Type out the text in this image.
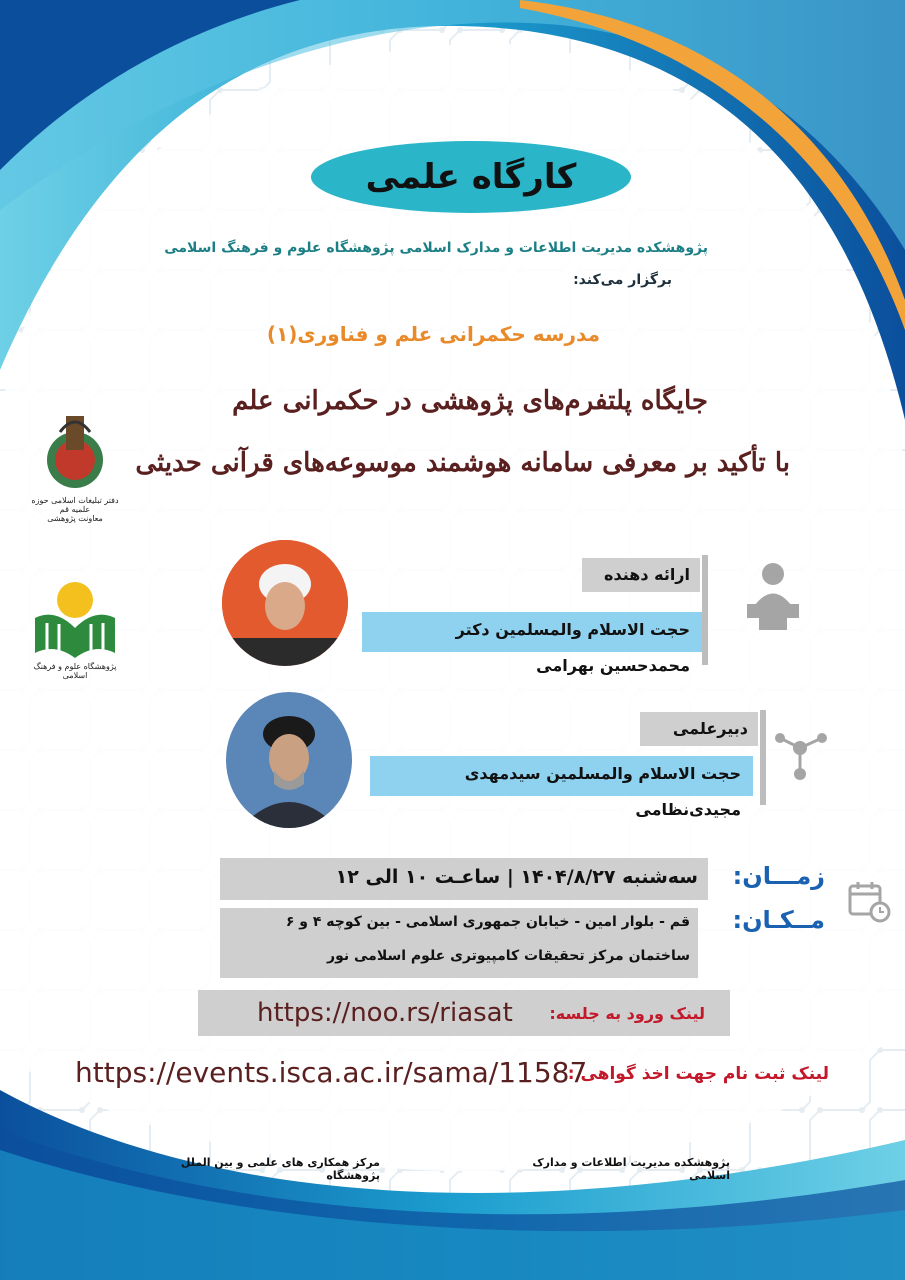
کارگاه علمی
پژوهشکده مدیریت اطلاعات و مدارک اسلامی پژوهشگاه علوم و فرهنگ اسلامی
برگزار می‌کند:
مدرسه حکمرانی علم و فناوری(۱)
جایگاه پلتفرم‌های پژوهشی در حکمرانی علم
با تأکید بر معرفی سامانه هوشمند موسوعه‌های قرآنی حدیثی
دفتر تبلیغات اسلامی حوزه علمیه قم
معاونت پژوهشی
پژوهشگاه علوم و فرهنگ اسلامی
ارائه دهنده
حجت الاسلام والمسلمین دکتر محمدحسین بهرامی
دبیرعلمی
حجت الاسلام والمسلمین سیدمهدی مجیدی‌نظامی
سه‌شنبه ۱۴۰۴/۸/۲۷ | ساعـت ۱۰ الی ۱۲
قم - بلوار امین - خیابان جمهوری اسلامی - بین کوچه ۴ و ۶
ساختمان مرکز تحقیقات کامپیوتری علوم اسلامی نور
زمـــان:
مــکـان:
لینک ورود به جلسه:
https://noo.rs/riasat
لینک ثبت نام جهت اخذ گواهی :
https://events.isca.ac.ir/sama/11587
مرکز همکاری های علمی و بین الملل پژوهشگاه
پژوهشکده مدیریت اطلاعات و مدارک اسلامی
